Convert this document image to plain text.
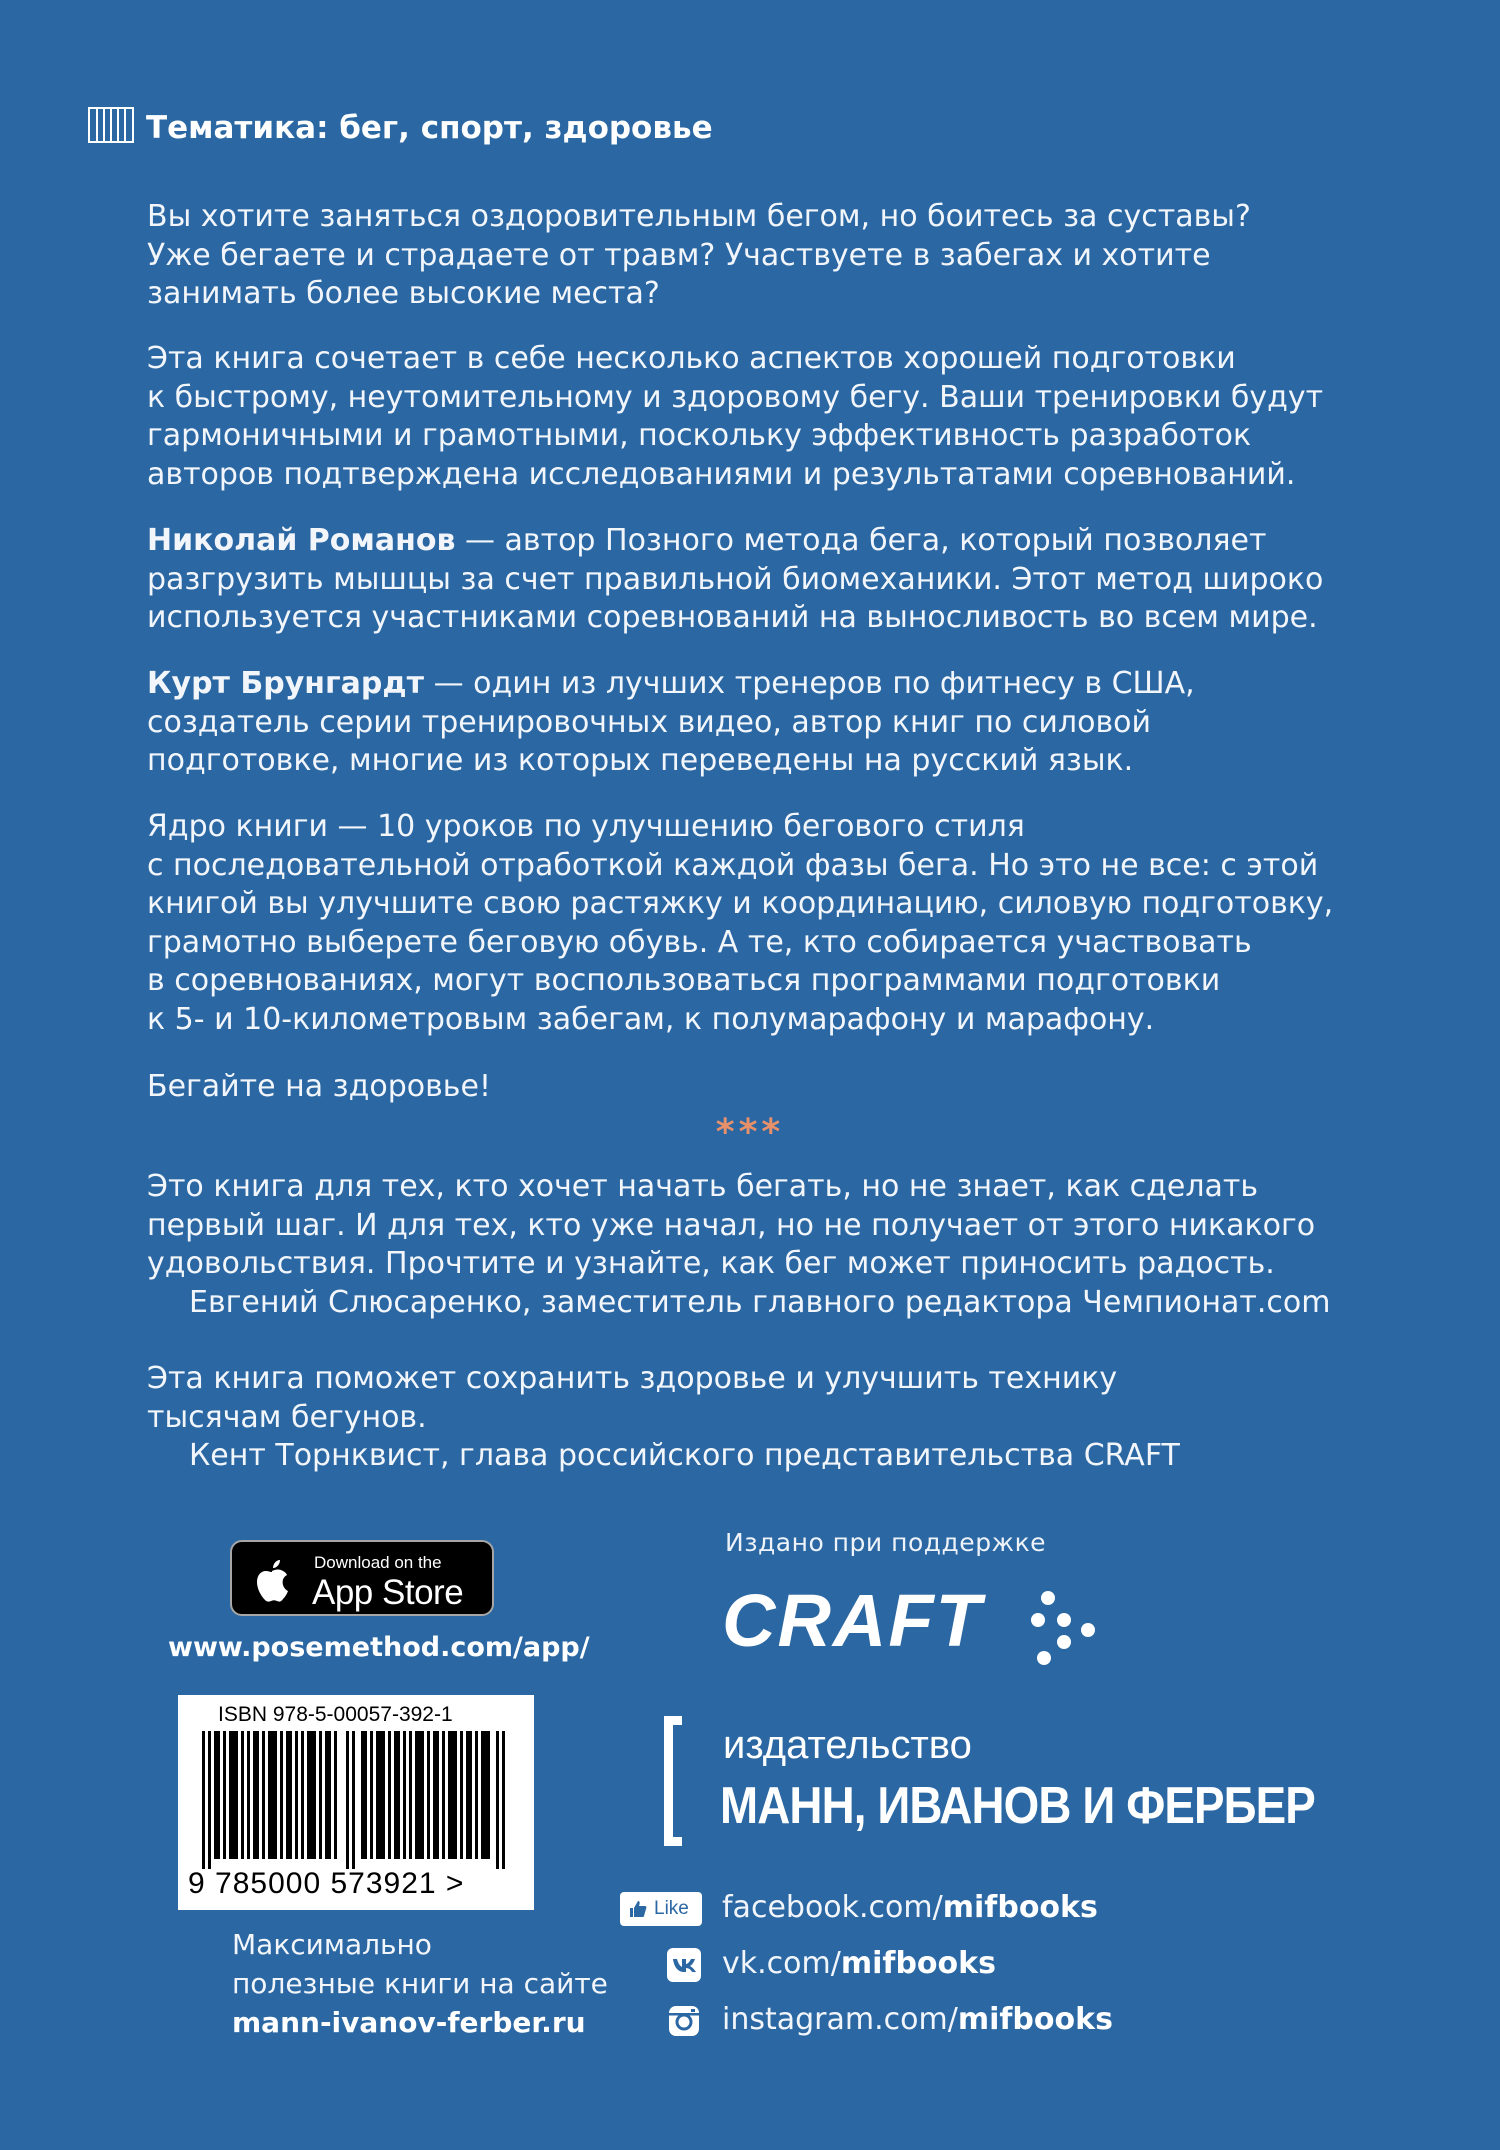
Тематика: бег, спорт, здоровье
Вы хотите заняться оздоровительным бегом, но боитесь за суставы?
Уже бегаете и страдаете от травм? Участвуете в забегах и хотите
занимать более высокие места?
Эта книга сочетает в себе несколько аспектов хорошей подготовки
к быстрому, неутомительному и здоровому бегу. Ваши тренировки будут
гармоничными и грамотными, поскольку эффективность разработок
авторов подтверждена исследованиями и результатами соревнований.
Николай Романов — автор Позного метода бега, который позволяет
разгрузить мышцы за счет правильной биомеханики. Этот метод широко
используется участниками соревнований на выносливость во всем мире.
Курт Брунгардт — один из лучших тренеров по фитнесу в США,
создатель серии тренировочных видео, автор книг по силовой
подготовке, многие из которых переведены на русский язык.
Ядро книги — 10 уроков по улучшению бегового стиля
с последовательной отработкой каждой фазы бега. Но это не все: с этой
книгой вы улучшите свою растяжку и координацию, силовую подготовку,
грамотно выберете беговую обувь. А те, кто собирается участвовать
в соревнованиях, могут воспользоваться программами подготовки
к 5- и 10-километровым забегам, к полумарафону и марафону.
Бегайте на здоровье!
***
Это книга для тех, кто хочет начать бегать, но не знает, как сделать
первый шаг. И для тех, кто уже начал, но не получает от этого никакого
удовольствия. Прочтите и узнайте, как бег может приносить радость.
Евгений Слюсаренко, заместитель главного редактора Чемпионат.com
Эта книга поможет сохранить здоровье и улучшить технику
тысячам бегунов.
Кент Торнквист, глава российского представительства CRAFT
Download on the
App Store
www.posemethod.com/app/
ISBN 978-5-00057-392-1
9 785000 573921 >
Максимально
полезные книги на сайте
mann-ivanov-ferber.ru
Издано при поддержке
CRAFT
издательство
МАНН, ИВАНОВ И ФЕРБЕР
Like facebook.com/mifbooks
vk.com/mifbooks
instagram.com/mifbooks
